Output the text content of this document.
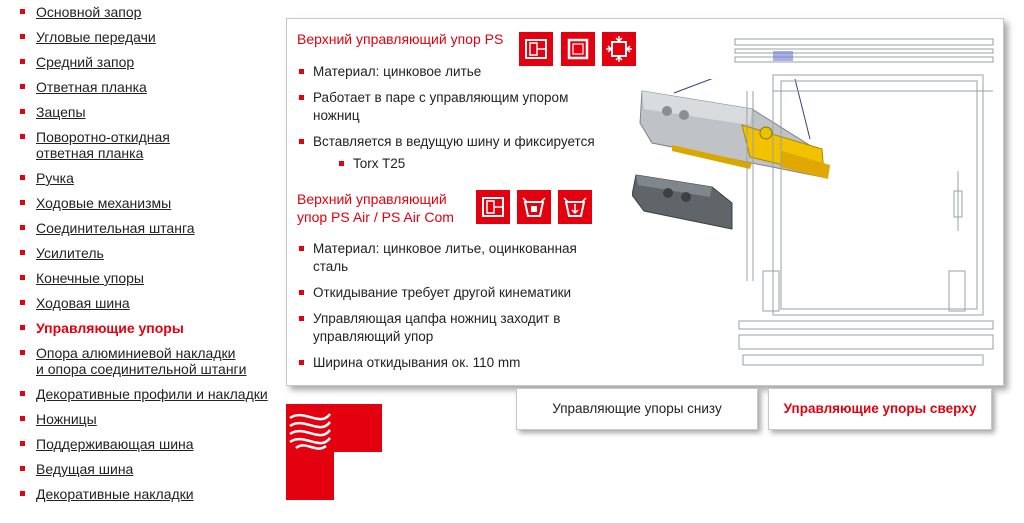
Основной запор
Угловые передачи
Средний запор
Ответная планка
Зацепы
Поворотно-откидная
ответная планка
Ручка
Ходовые механизмы
Соединительная штанга
Усилитель
Конечные упоры
Ходовая шина
Управляющие упоры
Опора алюминиевой накладки
и опора соединительной штанги
Декоративные профили и накладки
Ножницы
Поддерживающая шина
Ведущая шина
Декоративные накладки
Верхний управляющий упор PS
Материал: цинковое литье
Работает в паре с управляющим упором ножниц
Вставляется в ведущую шину и фиксируется
Torx T25
Верхний управляющий
упор PS Air / PS Air Com
Материал: цинковое литье, оцинкованная сталь
Откидывание требует другой кинематики
Управляющая цапфа ножниц заходит в управляющий упор
Ширина откидывания ок. 110 mm
Управляющие упоры снизу	Управляющие упоры сверху
